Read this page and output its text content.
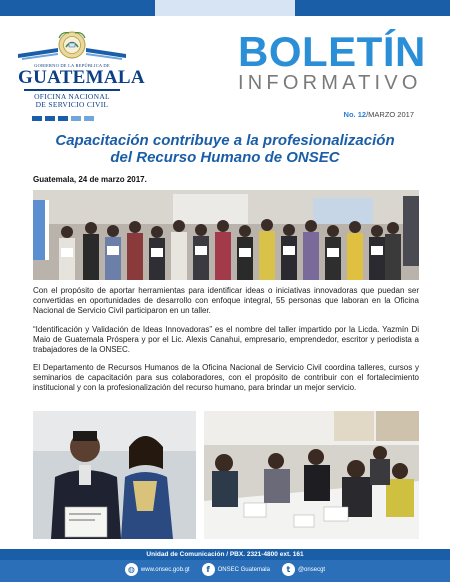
GOBIERNO DE LA REPÚBLICA DE
GUATEMALA
OFICINA NACIONAL
DE SERVICIO CIVIL
BOLETÍN
INFORMATIVO
No. 12/MARZO 2017
Capacitación contribuye a la profesionalización
del Recurso Humano de ONSEC
Guatemala, 24 de marzo 2017.
Con el propósito de aportar herramientas para identificar ideas o iniciativas innovadoras que puedan ser convertidas en oportunidades de desarrollo con enfoque integral, 55 personas que laboran en la Oficina Nacional de Servicio Civil participaron en un taller.
“Identificación y Validación de Ideas Innovadoras” es el nombre del taller impartido por la Licda. Yazmín Di Maio de Guatemala Próspera y por el Lic. Alexis Canahui, empresario, emprendedor, escritor y periodista a trabajadores de la ONSEC.
El Departamento de Recursos Humanos de la Oficina Nacional de Servicio Civil coordina talleres, cursos y seminarios de capacitación para sus colaboradores, con el propósito de contribuir con el fortalecimiento institucional y con la profesionalización del recurso humano, para brindar un mejor servicio.
Unidad de Comunicación / PBX. 2321-4800 ext. 161
◍	www.onsec.gob.gt	f	ONSEC Guatemala	t	@onsecgt
